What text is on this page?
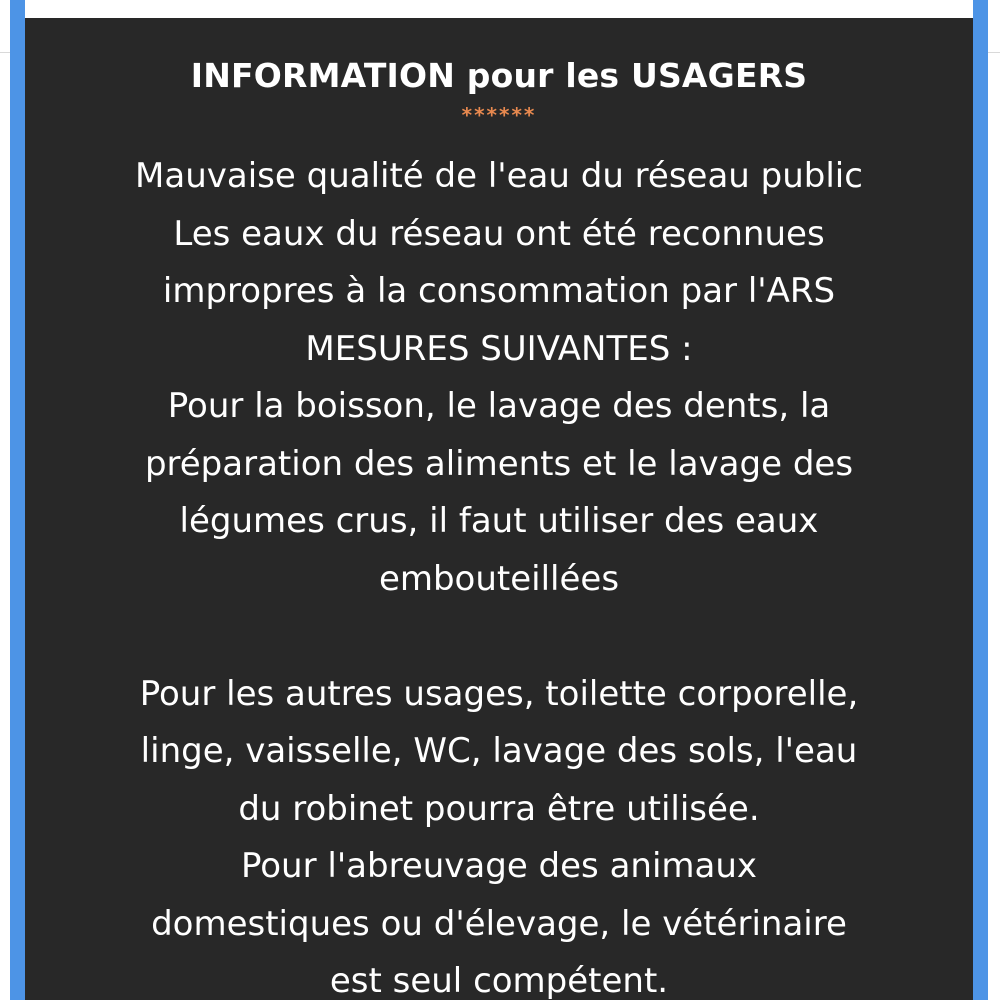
INFORMATION pour les USAGERS
******
Mauvaise qualité de l'eau du réseau public
Les eaux du réseau ont été reconnues
impropres à la consommation par l'ARS
MESURES SUIVANTES :
Pour la boisson, le lavage des dents, la
préparation des aliments et le lavage des
légumes crus, il faut utiliser des eaux
embouteillées
Pour les autres usages, toilette corporelle,
linge, vaisselle, WC, lavage des sols, l'eau
du robinet pourra être utilisée.
Pour l'abreuvage des animaux
domestiques ou d'élevage, le vétérinaire
est seul compétent.
